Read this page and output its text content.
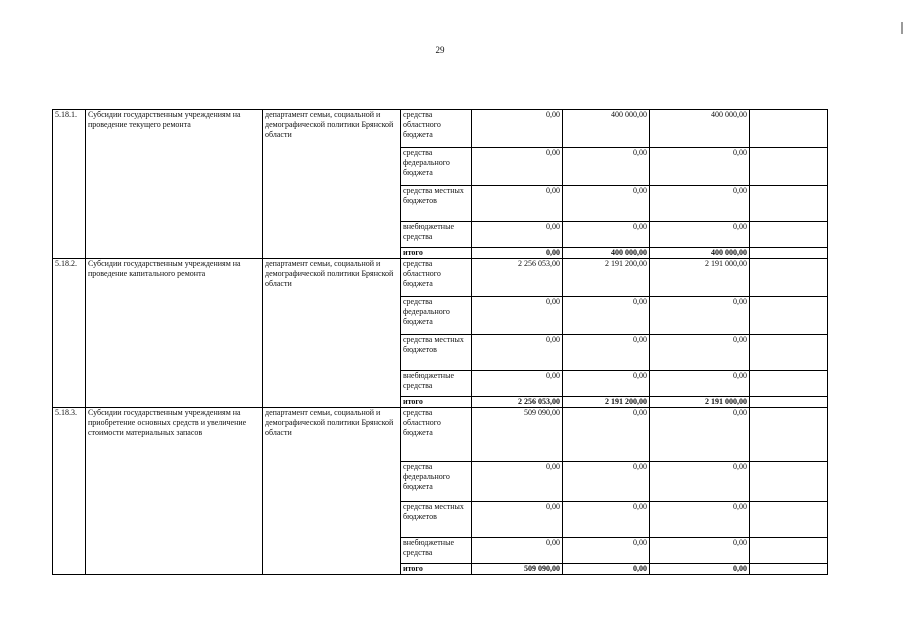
29
5.18.1.	Субсидии государственным учреждениям на проведение текущего ремонта	департамент семьи, социальной и демографической политики Брянской области	средства областного бюджета	0,00	400 000,00	400 000,00	
			средства федерального бюджета	0,00	0,00	0,00	
			средства местных бюджетов	0,00	0,00	0,00	
			внебюджетные средства	0,00	0,00	0,00	
			итого	0,00	400 000,00	400 000,00	
5.18.2.	Субсидии государственным учреждениям на проведение капитального ремонта	департамент семьи, социальной и демографической политики Брянской области	средства областного бюджета	2 256 053,00	2 191 200,00	2 191 000,00	
			средства федерального бюджета	0,00	0,00	0,00	
			средства местных бюджетов	0,00	0,00	0,00	
			внебюджетные средства	0,00	0,00	0,00	
			итого	2 256 053,00	2 191 200,00	2 191 000,00	
5.18.3.	Субсидии государственным учреждениям на приобретение основных средств и увеличение стоимости материальных запасов	департамент семьи, социальной и демографической политики Брянской области	средства областного бюджета	509 090,00	0,00	0,00	
			средства федерального бюджета	0,00	0,00	0,00	
			средства местных бюджетов	0,00	0,00	0,00	
			внебюджетные средства	0,00	0,00	0,00	
			итого	509 090,00	0,00	0,00	
